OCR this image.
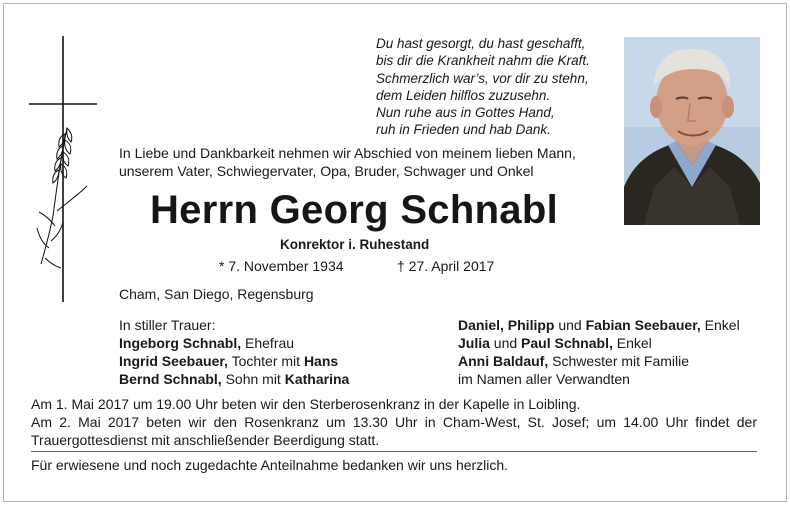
Du hast gesorgt, du hast geschafft,
bis dir die Krankheit nahm die Kraft.
Schmerzlich war’s, vor dir zu stehn,
dem Leiden hilflos zuzusehn.
Nun ruhe aus in Gottes Hand,
ruh in Frieden und hab Dank.
In Liebe und Dankbarkeit nehmen wir Abschied von meinem lieben Mann,
unserem Vater, Schwiegervater, Opa, Bruder, Schwager und Onkel
Herrn Georg Schnabl
Konrektor i. Ruhestand
* 7. November 1934	† 27. April 2017
Cham, San Diego, Regensburg
In stiller Trauer:
Ingeborg Schnabl, Ehefrau
Ingrid Seebauer, Tochter mit Hans
Bernd Schnabl, Sohn mit Katharina
Daniel, Philipp und Fabian Seebauer, Enkel
Julia und Paul Schnabl, Enkel
Anni Baldauf, Schwester mit Familie
im Namen aller Verwandten

Am 1. Mai 2017 um 19.00 Uhr beten wir den Sterberosenkranz in der Kapelle in Loibling.

Am 2. Mai 2017 beten wir den Rosenkranz um 13.30 Uhr in Cham-West, St. Josef; um 14.00 Uhr findet der Trauergottesdienst mit anschließender Beerdigung statt.

Für erwiesene und noch zugedachte Anteilnahme bedanken wir uns herzlich.
